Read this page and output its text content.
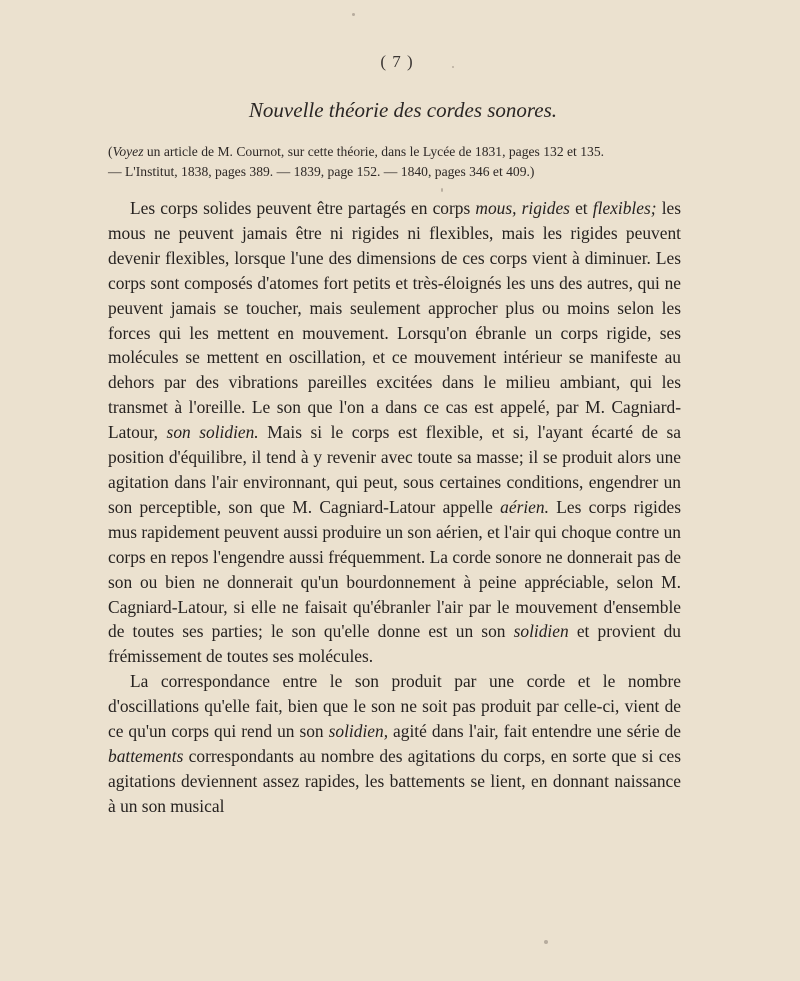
( 7 )
Nouvelle théorie des cordes sonores.

(Voyez un article de M. Cournot, sur cette théorie, dans le Lycée de 1831, pages 132 et 135.

— L'Institut, 1838, pages 389. — 1839, page 152. — 1840, pages 346 et 409.)

Les corps solides peuvent être partagés en corps mous, rigides et flexibles; les mous ne peuvent jamais être ni rigides ni flexibles, mais les rigides peuvent devenir flexibles, lorsque l'une des dimensions de ces corps vient à diminuer. Les corps sont composés d'atomes fort petits et très-éloignés les uns des autres, qui ne peuvent jamais se toucher, mais seulement approcher plus ou moins selon les forces qui les mettent en mouvement. Lorsqu'on ébranle un corps rigide, ses molécules se mettent en oscillation, et ce mouvement intérieur se manifeste au dehors par des vibrations pareilles excitées dans le milieu ambiant, qui les transmet à l'oreille. Le son que l'on a dans ce cas est appelé, par M. Cagniard-Latour, son solidien. Mais si le corps est flexible, et si, l'ayant écarté de sa position d'équilibre, il tend à y revenir avec toute sa masse; il se produit alors une agitation dans l'air environnant, qui peut, sous certaines conditions, engendrer un son perceptible, son que M. Cagniard-Latour appelle aérien. Les corps rigides mus rapidement peuvent aussi produire un son aérien, et l'air qui choque contre un corps en repos l'engendre aussi fréquemment. La corde sonore ne donnerait pas de son ou bien ne donnerait qu'un bourdonnement à peine appréciable, selon M. Cagniard-Latour, si elle ne faisait qu'ébranler l'air par le mouvement d'ensemble de toutes ses parties; le son qu'elle donne est un son solidien et provient du frémissement de toutes ses molécules.

La correspondance entre le son produit par une corde et le nombre d'oscillations qu'elle fait, bien que le son ne soit pas produit par celle-ci, vient de ce qu'un corps qui rend un son solidien, agité dans l'air, fait entendre une série de battements correspondants au nombre des agitations du corps, en sorte que si ces agitations deviennent assez rapides, les battements se lient, en donnant naissance à un son musical
